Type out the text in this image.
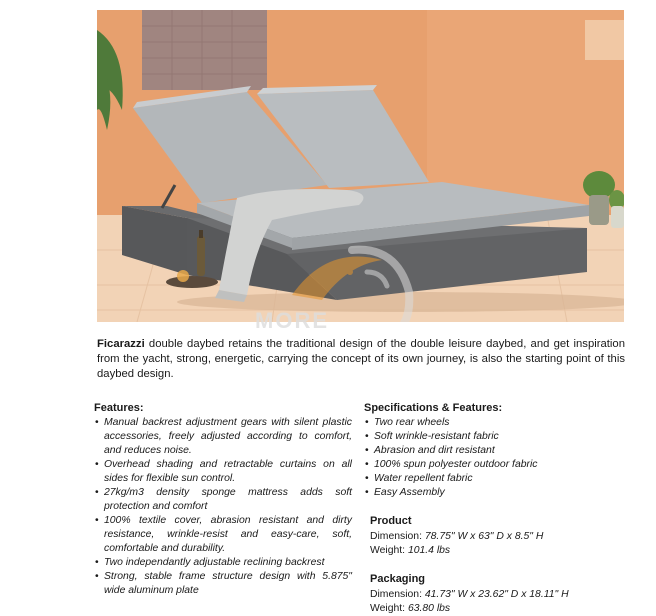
MORE

Ficarazzi double daybed retains the traditional design of the double leisure daybed, and get inspiration from the yacht, strong, energetic, carrying the concept of its own journey, is also the starting point of this daybed design.

Features:
• Manual backrest adjustment gears with silent plastic accessories, freely adjusted according to comfort, and reduces noise.
• Overhead shading and retractable curtains on all sides for flexible sun control.
• 27kg/m3 density sponge mattress adds soft protection and comfort
• 100% textile cover, abrasion resistant and dirty resistance, wrinkle-resist and easy-care, soft, comfortable and durability.
• Two independantly adjustable reclining backrest
• Strong, stable frame structure design with 5.875" wide aluminum plate
Specifications & Features:
• Two rear wheels
• Soft wrinkle-resistant fabric
• Abrasion and dirt resistant
• 100% spun polyester outdoor fabric
• Water repellent fabric
• Easy Assembly
Product
Dimension: 78.75" W x 63" D x 8.5" H
Weight: 101.4 lbs
Packaging
Dimension: 41.73" W x 23.62" D x 18.11" H
Weight: 63.80 lbs
